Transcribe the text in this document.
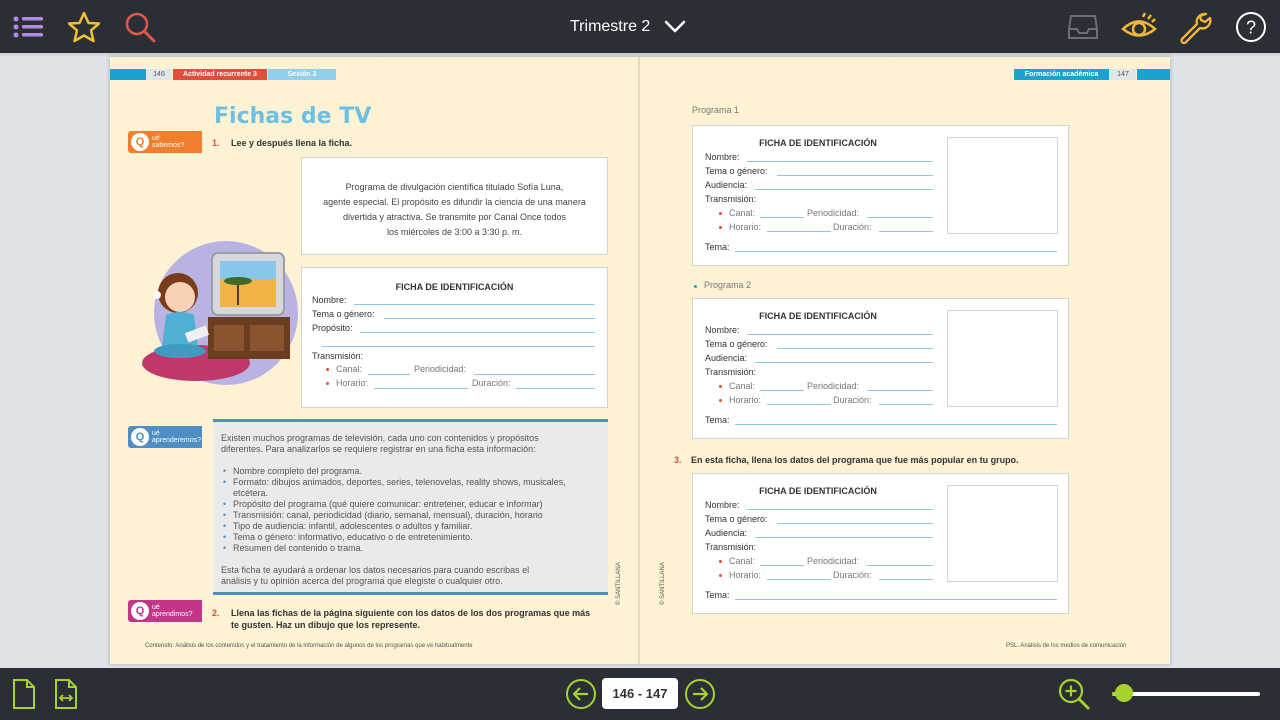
Trimestre 2	?
146	Actividad recurrente 3	Sesión 3
Fichas de TV
Q	ué
sabemos?	1. Lee y después llena la ficha.
Programa de divulgación científica titulado Sofía Luna,
agente especial. El propósito es difundir la ciencia de una manera
divertida y atractiva. Se transmite por Canal Once todos
los miércoles de 3:00 a 3:30 p. m.
FICHA DE IDENTIFICACIÓN
Nombre:
Tema o género:
Propósito:
Transmisión:
Canal:	Periodicidad:
Horario:	Duración:
Q	ué
aprenderemos? Existen muchos programas de televisión, cada uno con contenidos y propósitos

diferentes. Para analizarlos se requiere registrar en una ficha esta información:

• Nombre completo del programa.
• Formato: dibujos animados, deportes, series, telenovelas, reality shows, musicales,
etcétera.
• Propósito del programa (qué quiere comunicar: entretener, educar e informar)
• Transmisión: canal, periodicidad (diario, semanal, mensual), duración, horario
• Tipo de audiencia: infantil, adolescentes o adultos y familiar.
• Tema o género: informativo, educativo o de entretenimiento.
• Resumen del contenido o trama.

Esta ficha te ayudará a ordenar los datos necesarios para cuando escribas el

análisis y tu opinión acerca del programa que elegiste o cualquier otro.	© SANTILLANA
Q	ué
aprendimos? 2. Llena las fichas de la página siguiente con los datos de los dos programas que más
te gusten. Haz un dibujo que los represente.
Contenido: Análisis de los contenidos y el tratamiento de la información de algunos de los programas que ve habitualmente
Formación académica	147
Programa 1
FICHA DE IDENTIFICACIÓN
Nombre:
Tema o género:
Audiencia:
Transmisión:
Canal:	Periodicidad:
Horario:	Duración:
Tema:
Programa 2
FICHA DE IDENTIFICACIÓN
Nombre:
Tema o género:
Audiencia:
Transmisión:
Canal:	Periodicidad:
Horario:	Duración:
Tema:
3. En esta ficha, llena los datos del programa que fue más popular en tu grupo.
FICHA DE IDENTIFICACIÓN
Nombre:
Tema o género:
Audiencia:
Transmisión:
Canal:	Periodicidad:
Horario:	Duración:
Tema:
© SANTILLANA
PSL. Análisis de los medios de comunicación
146 - 147
